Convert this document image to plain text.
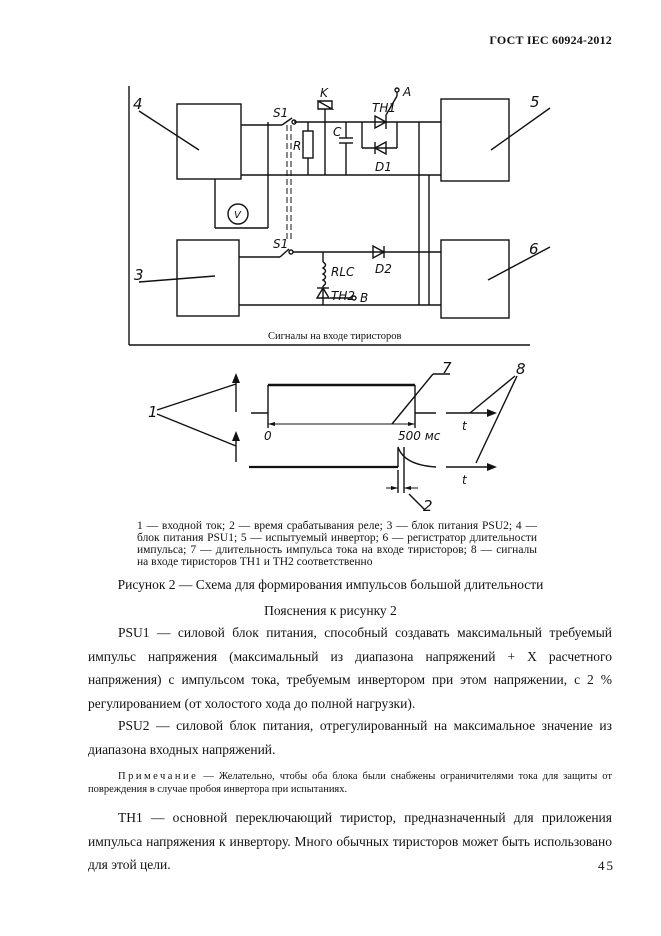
ГОСТ IEC 60924-2012
4	5
3
6
S1
S1
K	A
TH1
R
C
D1
V
D2
RLC
TH2 B
7	8
1
2
0	500 мс
t
t
Сигналы на входе тиристоров
1 — входной ток; 2 — время срабатывания реле; 3 — блок питания PSU2; 4 — блок питания PSU1; 5 — испытуемый инвертор; 6 — регистратор длительности импульса; 7 — длительность импульса тока на входе тиристоров; 8 — сигналы на входе тиристоров TH1 и TH2 соответственно
Рисунок 2 — Схема для формирования импульсов большой длительности
Пояснения к рисунку 2
PSU1 — силовой блок питания, способный создавать максимальный требуемый импульс напряжения (максимальный из диапазона напряжений + X расчетного напряжения) с импульсом тока, требуемым инвертором при этом напряжении, с 2 % регулированием (от холостого хода до полной нагрузки).
PSU2 — силовой блок питания, отрегулированный на максимальное значение из диапазона входных напряжений.
Примечание — Желательно, чтобы оба блока были снабжены ограничителями тока для защиты от повреждения в случае пробоя инвертора при испытаниях.
TH1 — основной переключающий тиристор, предназначенный для приложения импульса напряжения к инвертору. Много обычных тиристоров может быть использовано для этой цели.	45
